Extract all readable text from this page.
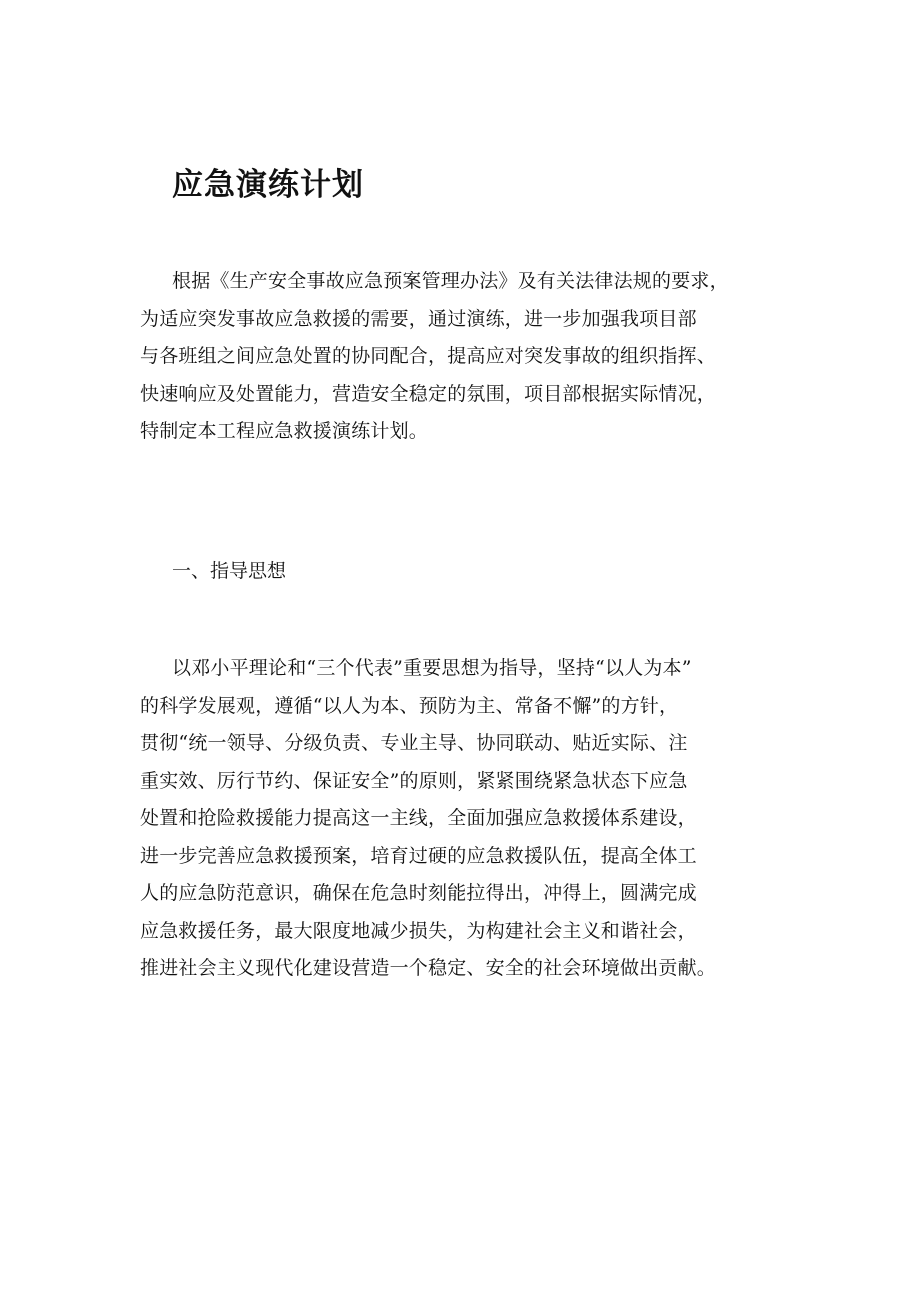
应急演练计划
根据《生产安全事故应急预案管理办法》及有关法律法规的要求，
为适应突发事故应急救援的需要，通过演练，进一步加强我项目部
与各班组之间应急处置的协同配合，提高应对突发事故的组织指挥、
快速响应及处置能力，营造安全稳定的氛围，项目部根据实际情况，
特制定本工程应急救援演练计划。
一、指导思想
以邓小平理论和“三个代表”重要思想为指导，坚持“以人为本”
的科学发展观，遵循“以人为本、预防为主、常备不懈”的方针，
贯彻“统一领导、分级负责、专业主导、协同联动、贴近实际、注
重实效、厉行节约、保证安全”的原则，紧紧围绕紧急状态下应急
处置和抢险救援能力提高这一主线，全面加强应急救援体系建设，
进一步完善应急救援预案，培育过硬的应急救援队伍，提高全体工
人的应急防范意识，确保在危急时刻能拉得出，冲得上，圆满完成
应急救援任务，最大限度地减少损失，为构建社会主义和谐社会，
推进社会主义现代化建设营造一个稳定、安全的社会环境做出贡献。
